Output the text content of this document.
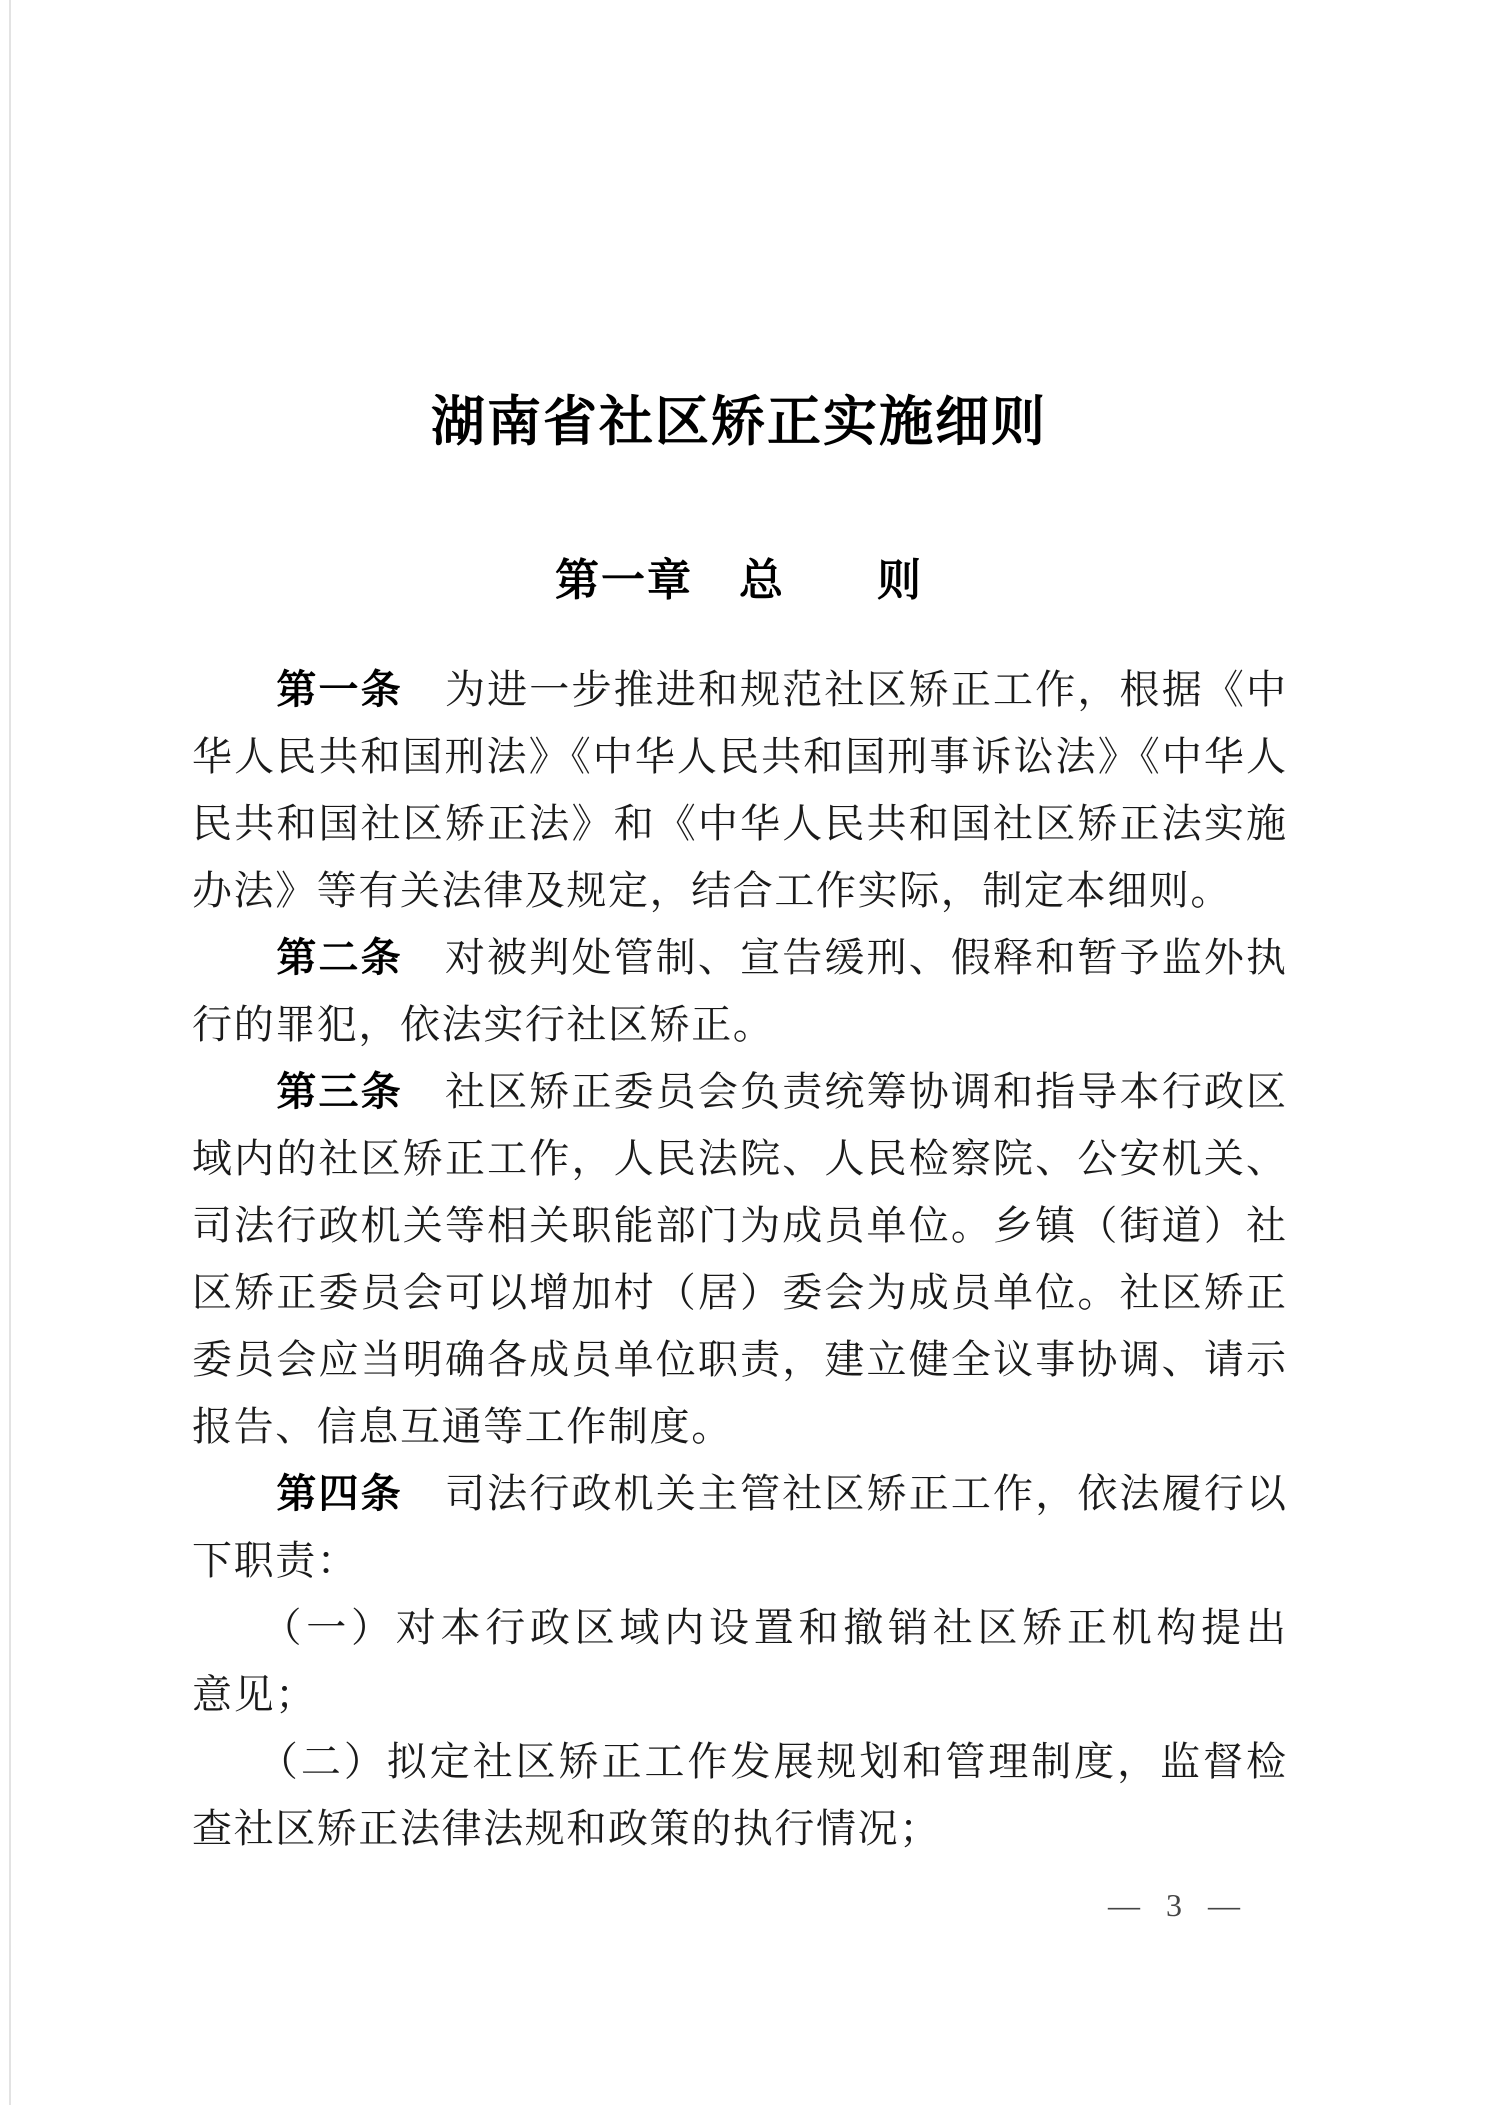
湖南省社区矫正实施细则
第一章　总　　则
　　第一条　为进一步推进和规范社区矫正工作，根据《中
华人民共和国刑法》《中华人民共和国刑事诉讼法》《中华人
民共和国社区矫正法》和《中华人民共和国社区矫正法实施
办法》等有关法律及规定，结合工作实际，制定本细则。
　　第二条　对被判处管制、宣告缓刑、假释和暂予监外执
行的罪犯，依法实行社区矫正。
　　第三条　社区矫正委员会负责统筹协调和指导本行政区
域内的社区矫正工作，人民法院、人民检察院、公安机关、
司法行政机关等相关职能部门为成员单位。乡镇（街道）社
区矫正委员会可以增加村（居）委会为成员单位。社区矫正
委员会应当明确各成员单位职责，建立健全议事协调、请示
报告、信息互通等工作制度。
　　第四条　司法行政机关主管社区矫正工作，依法履行以
下职责：
　　（一）对本行政区域内设置和撤销社区矫正机构提出
意见；
　　（二）拟定社区矫正工作发展规划和管理制度，监督检
查社区矫正法律法规和政策的执行情况；
— 3 —
